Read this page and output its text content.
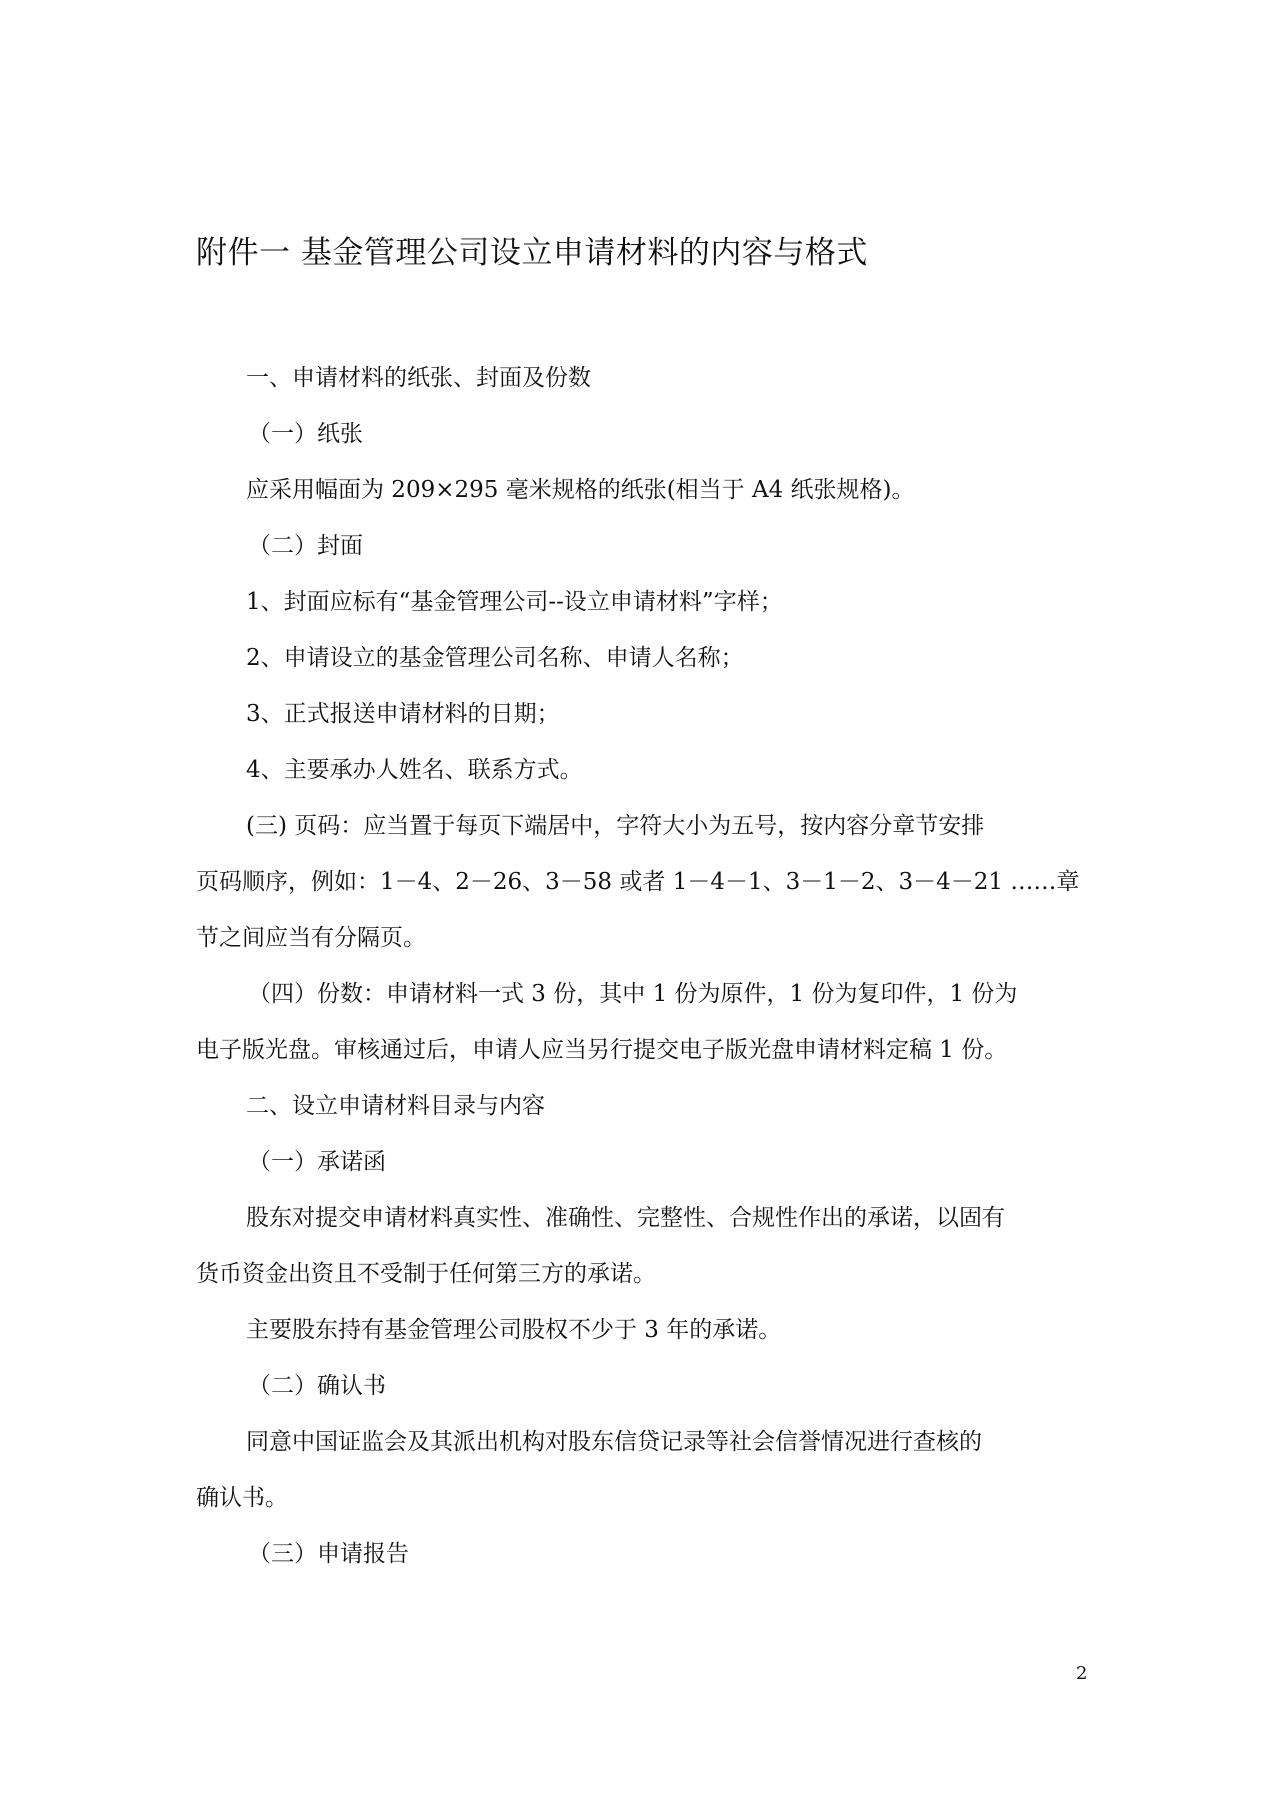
附件一 基金管理公司设立申请材料的内容与格式
一、申请材料的纸张、封面及份数
（一）纸张
应采用幅面为 209×295 毫米规格的纸张(相当于 A4 纸张规格)。
（二）封面
1、封面应标有“基金管理公司--设立申请材料”字样；
2、申请设立的基金管理公司名称、申请人名称；
3、正式报送申请材料的日期；
4、主要承办人姓名、联系方式。
(三) 页码：应当置于每页下端居中，字符大小为五号，按内容分章节安排
页码顺序，例如：1－4、2－26、3－58 或者 1－4－1、3－1－2、3－4－21 ……章
节之间应当有分隔页。
（四）份数：申请材料一式 3 份，其中 1 份为原件，1 份为复印件，1 份为
电子版光盘。审核通过后，申请人应当另行提交电子版光盘申请材料定稿 1 份。
二、设立申请材料目录与内容
（一）承诺函
股东对提交申请材料真实性、准确性、完整性、合规性作出的承诺，以固有
货币资金出资且不受制于任何第三方的承诺。
主要股东持有基金管理公司股权不少于 3 年的承诺。
（二）确认书
同意中国证监会及其派出机构对股东信贷记录等社会信誉情况进行查核的
确认书。
（三）申请报告
2
